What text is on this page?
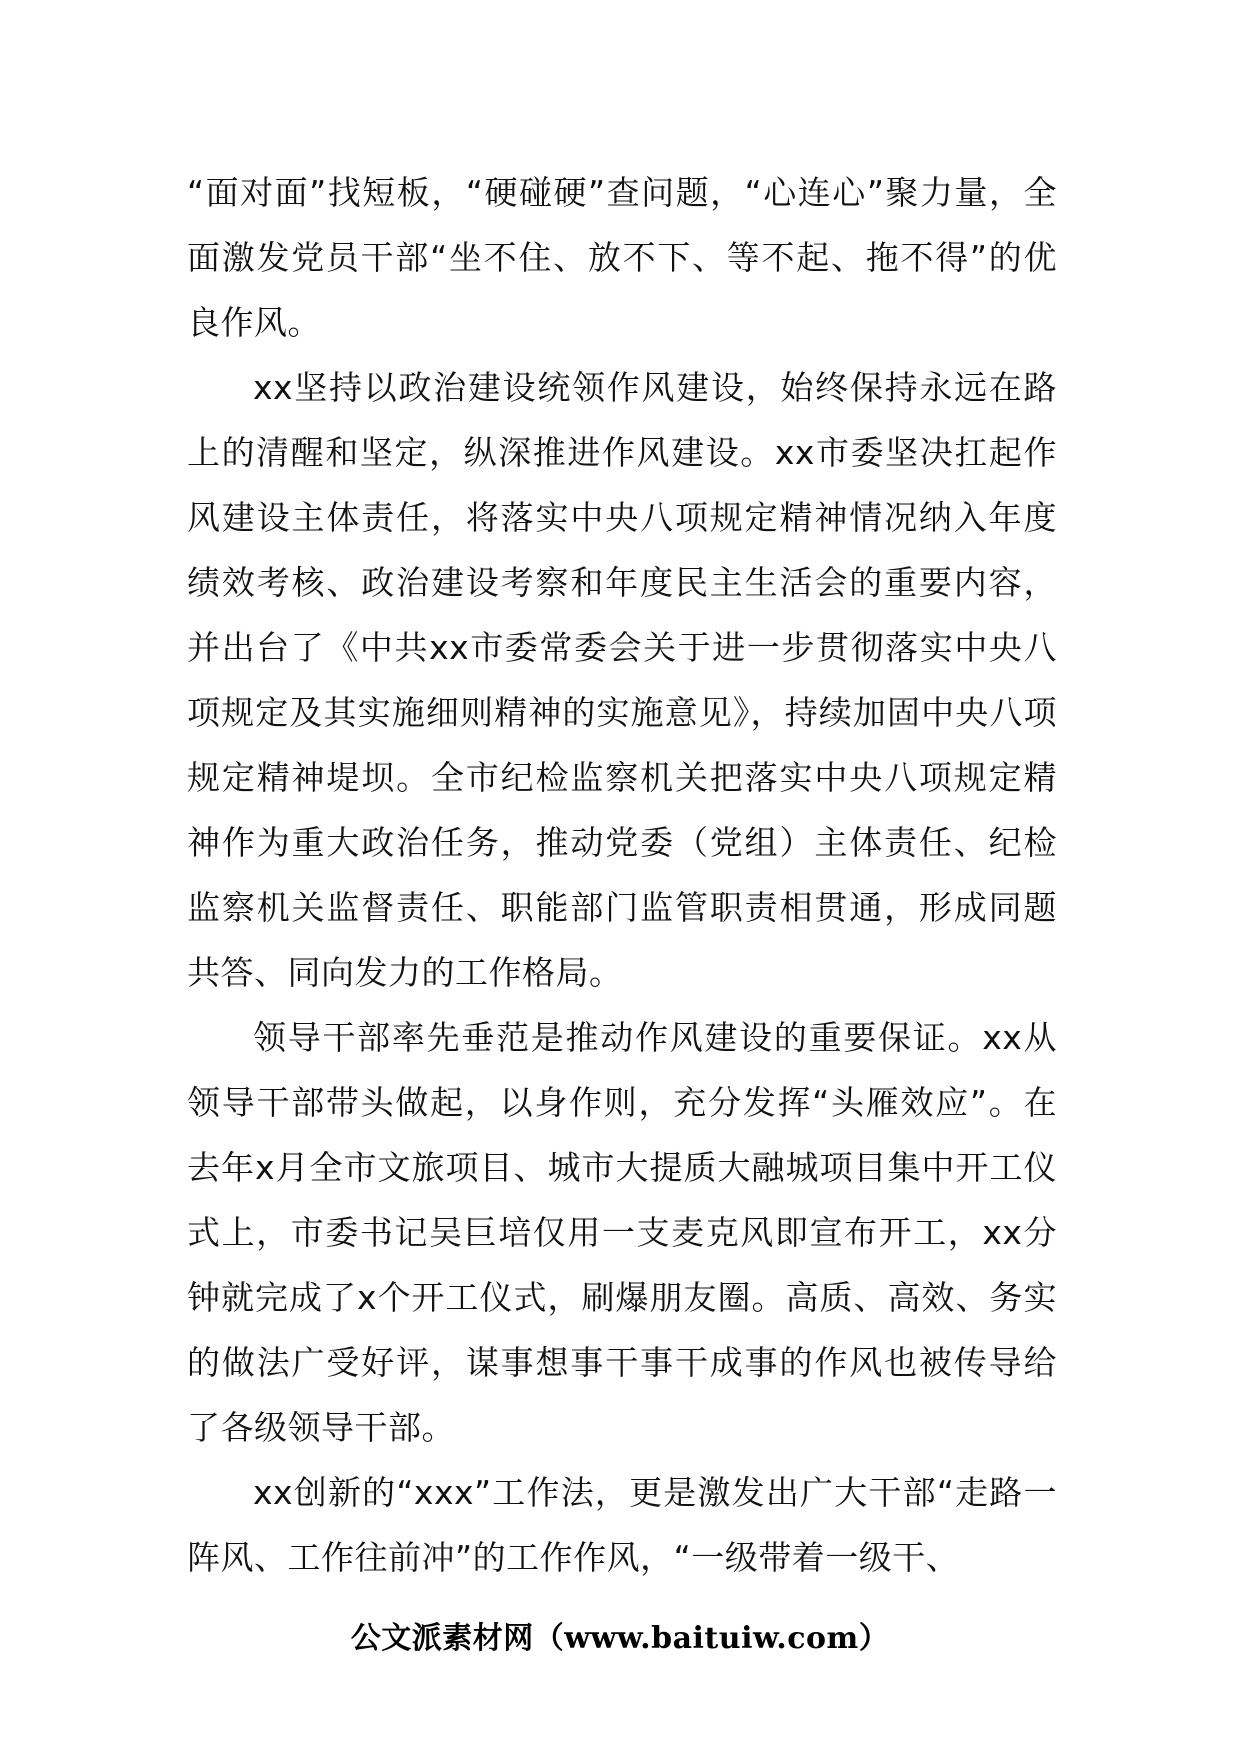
“面对面”找短板，“硬碰硬”查问题，“心连心”聚力量，全面激发党员干部“坐不住、放不下、等不起、拖不得”的优良作风。

xx坚持以政治建设统领作风建设，始终保持永远在路上的清醒和坚定，纵深推进作风建设。xx市委坚决扛起作风建设主体责任，将落实中央八项规定精神情况纳入年度绩效考核、政治建设考察和年度民主生活会的重要内容，并出台了《中共xx市委常委会关于进一步贯彻落实中央八项规定及其实施细则精神的实施意见》，持续加固中央八项规定精神堤坝。全市纪检监察机关把落实中央八项规定精神作为重大政治任务，推动党委（党组）主体责任、纪检监察机关监督责任、职能部门监管职责相贯通，形成同题共答、同向发力的工作格局。

领导干部率先垂范是推动作风建设的重要保证。xx从领导干部带头做起，以身作则，充分发挥“头雁效应”。在去年x月全市文旅项目、城市大提质大融城项目集中开工仪式上，市委书记吴巨培仅用一支麦克风即宣布开工，xx分钟就完成了x个开工仪式，刷爆朋友圈。高质、高效、务实的做法广受好评，谋事想事干事干成事的作风也被传导给了各级领导干部。

xx创新的“xxx”工作法，更是激发出广大干部“走路一阵风、工作往前冲”的工作作风，“一级带着一级干、

公文派素材网（www.baituiw.com）
